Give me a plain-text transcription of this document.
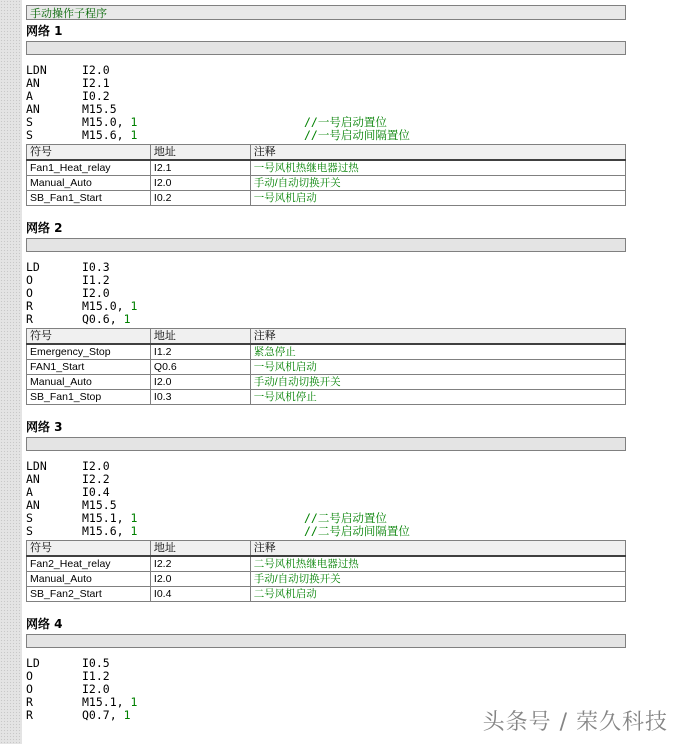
手动操作子程序
网络 1
LDN	I2.0
AN	I2.1
A	I0.2
AN	M15.5
S	M15.0, 1	//一号启动置位
S	M15.6, 1	//一号启动间隔置位
符号	地址	注释
Fan1_Heat_relay	I2.1	一号风机热继电器过热
Manual_Auto	I2.0	手动/自动切换开关
SB_Fan1_Start	I0.2	一号风机启动
网络 2
LD	I0.3
O	I1.2
O	I2.0
R	M15.0, 1
R	Q0.6, 1
符号	地址	注释
Emergency_Stop	I1.2	紧急停止
FAN1_Start	Q0.6	一号风机启动
Manual_Auto	I2.0	手动/自动切换开关
SB_Fan1_Stop	I0.3	一号风机停止
网络 3
LDN	I2.0
AN	I2.2
A	I0.4
AN	M15.5
S	M15.1, 1	//二号启动置位
S	M15.6, 1	//二号启动间隔置位
符号	地址	注释
Fan2_Heat_relay	I2.2	二号风机热继电器过热
Manual_Auto	I2.0	手动/自动切换开关
SB_Fan2_Start	I0.4	二号风机启动
网络 4
LD	I0.5
O	I1.2
O	I2.0
R	M15.1, 1
R	Q0.7, 1	头条号 / 荣久科技
